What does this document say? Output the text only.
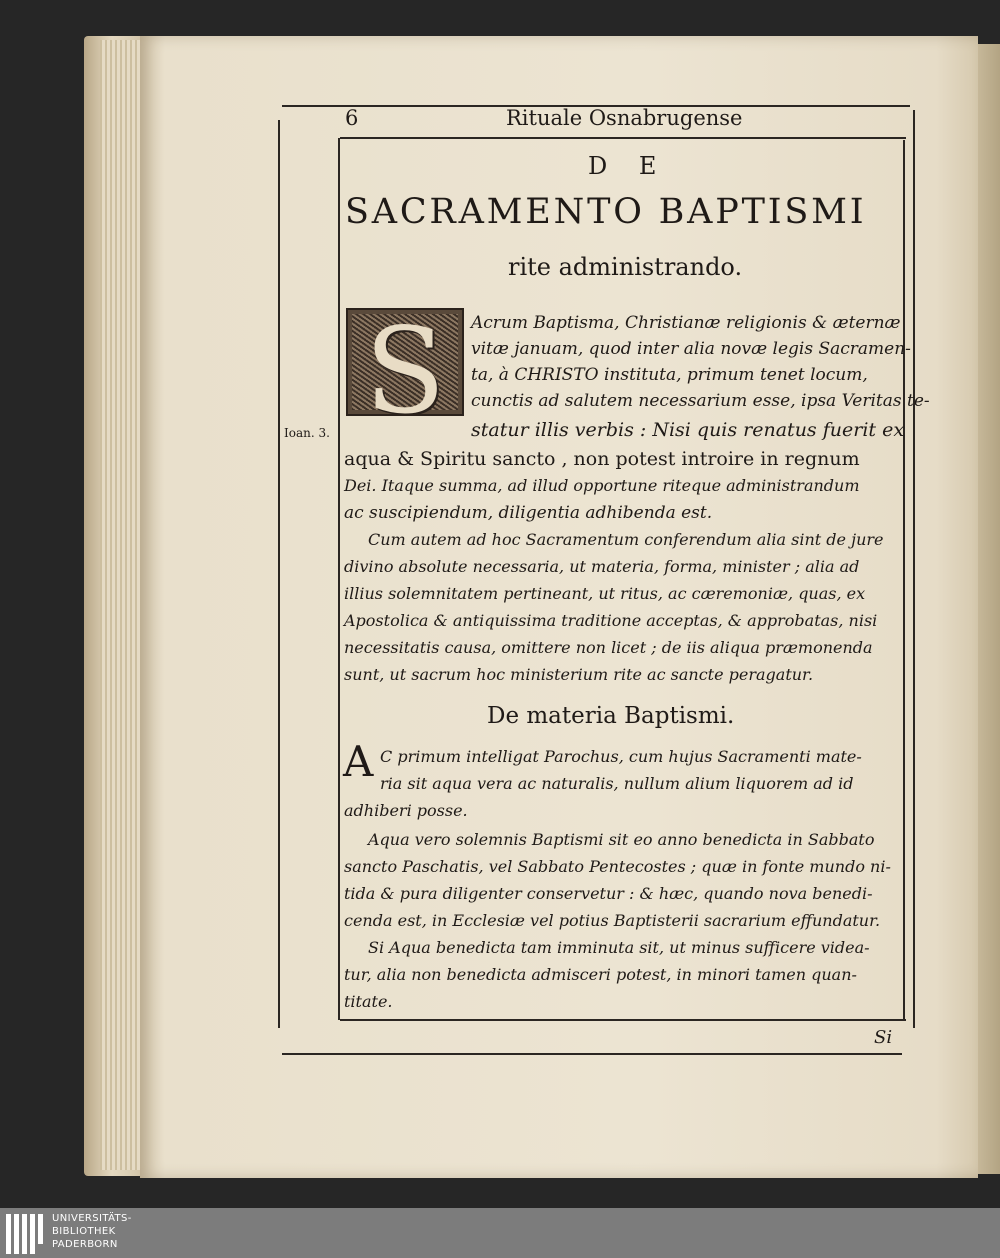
6	Rituale Osnabrugense
D E
SACRAMENTO BAPTISMI
rite administrando.
S
Ioan. 3.
Acrum Baptisma, Christianæ religionis & æternæ
vitæ januam, quod inter alia novæ legis Sacramen-
ta, à CHRISTO instituta, primum tenet locum,
cunctis ad salutem necessarium esse, ipsa Veritas te-
statur illis verbis : Nisi quis renatus fuerit ex
aqua & Spiritu sancto , non potest introire in regnum
Dei. Itaque summa, ad illud opportune riteque administrandum
ac suscipiendum, diligentia adhibenda est.
Cum autem ad hoc Sacramentum conferendum alia sint de jure
divino absolute necessaria, ut materia, forma, minister ; alia ad
illius solemnitatem pertineant, ut ritus, ac cæremoniæ, quas, ex
Apostolica & antiquissima traditione acceptas, & approbatas, nisi
necessitatis causa, omittere non licet ; de iis aliqua præmonenda
sunt, ut sacrum hoc ministerium rite ac sancte peragatur.
De materia Baptismi.
A C primum intelligat Parochus, cum hujus Sacramenti mate-
ria sit aqua vera ac naturalis, nullum alium liquorem ad id
adhiberi posse.
Aqua vero solemnis Baptismi sit eo anno benedicta in Sabbato
sancto Paschatis, vel Sabbato Pentecostes ; quæ in fonte mundo ni-
tida & pura diligenter conservetur : & hæc, quando nova benedi-
cenda est, in Ecclesiæ vel potius Baptisterii sacrarium effundatur.
Si Aqua benedicta tam imminuta sit, ut minus sufficere videa-
tur, alia non benedicta admisceri potest, in minori tamen quan-
titate.
Si
UNIVERSITÄTS-
BIBLIOTHEK
PADERBORN
